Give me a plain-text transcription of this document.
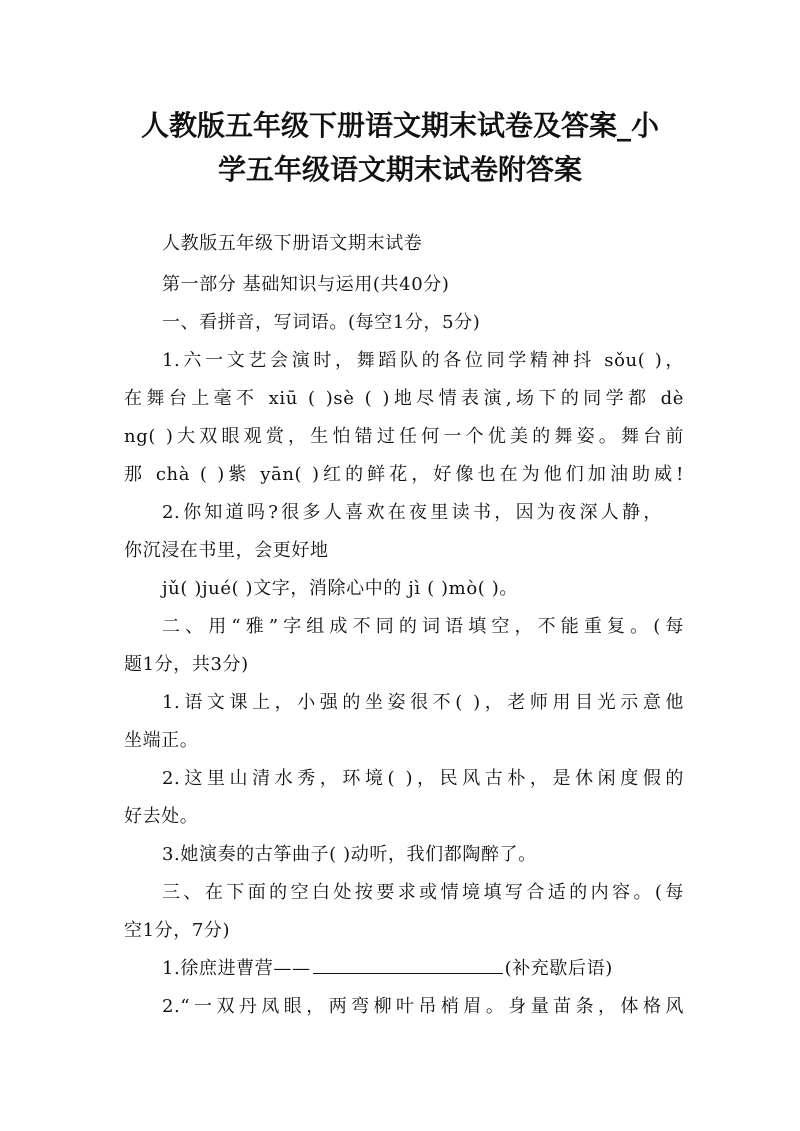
人教版五年级下册语文期末试卷及答案_小
学五年级语文期末试卷附答案
人教版五年级下册语文期末试卷
第一部分 基础知识与运用(共40分)
一、看拼音，写词语。(每空1分，5分)
1.六一文艺会演时，舞蹈队的各位同学精神抖 sǒu( )，
在舞台上毫不 xiū ( )sè ( )地尽情表演,场下的同学都 dè
ng( )大双眼观赏，生怕错过任何一个优美的舞姿。舞台前
那 chà ( )紫 yān( )红的鲜花，好像也在为他们加油助威!
2.你知道吗?很多人喜欢在夜里读书，因为夜深人静，
你沉浸在书里，会更好地
jǔ( )jué( )文字，消除心中的 jì ( )mò( )。
二、用“雅”字组成不同的词语填空，不能重复。(每
题1分，共3分)
1.语文课上，小强的坐姿很不( )，老师用目光示意他
坐端正。
2.这里山清水秀，环境( )，民风古朴，是休闲度假的
好去处。
3.她演奏的古筝曲子( )动听，我们都陶醉了。
三、在下面的空白处按要求或情境填写合适的内容。(每
空1分，7分)
1.徐庶进曹营——	(补充歇后语)
2.“一双丹凤眼，两弯柳叶吊梢眉。身量苗条，体格风
